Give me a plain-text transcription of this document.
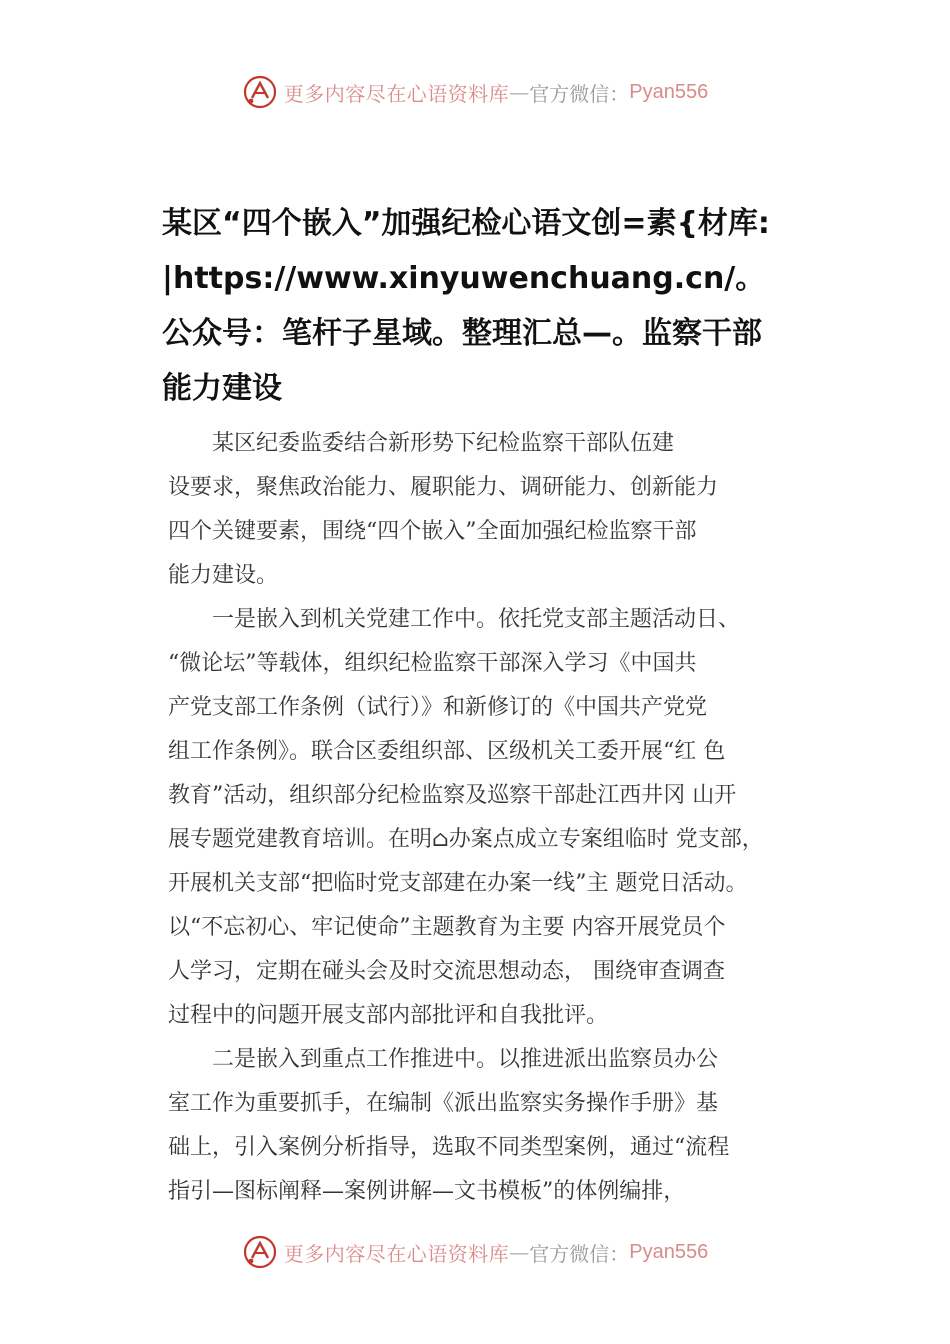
更多内容尽在心语资料库 — 官方微信： Pyan556
某区“四个嵌入”加强纪检心语文创=素{材库:
|https://www.xinyuwenchuang.cn/。
公众号：笔杆子星域。整理汇总—。监察干部
能力建设
　　某区纪委监委结合新形势下纪检监察干部队伍建
设要求，聚焦政治能力、履职能力、调研能力、创新能力
四个关键要素，围绕“四个嵌入”全面加强纪检监察干部
能力建设。
　　一是嵌入到机关党建工作中。依托党支部主题活动日、
“微论坛”等载体，组织纪检监察干部深入学习《中国共
产党支部工作条例（试行）》和新修订的《中国共产党党
组工作条例》。联合区委组织部、区级机关工委开展“红 色
教育”活动，组织部分纪检监察及巡察干部赴江西井冈 山开
展专题党建教育培训。在明⌂办案点成立专案组临时 党支部，
开展机关支部“把临时党支部建在办案一线”主 题党日活动。
以“不忘初心、牢记使命”主题教育为主要 内容开展党员个
人学习，定期在碰头会及时交流思想动态， 围绕审查调查
过程中的问题开展支部内部批评和自我批评。
　　二是嵌入到重点工作推进中。以推进派出监察员办公
室工作为重要抓手，在编制《派出监察实务操作手册》基
础上，引入案例分析指导，选取不同类型案例，通过“流程
指引—图标阐释—案例讲解—文书模板”的体例编排，
更多内容尽在心语资料库 — 官方微信： Pyan556
